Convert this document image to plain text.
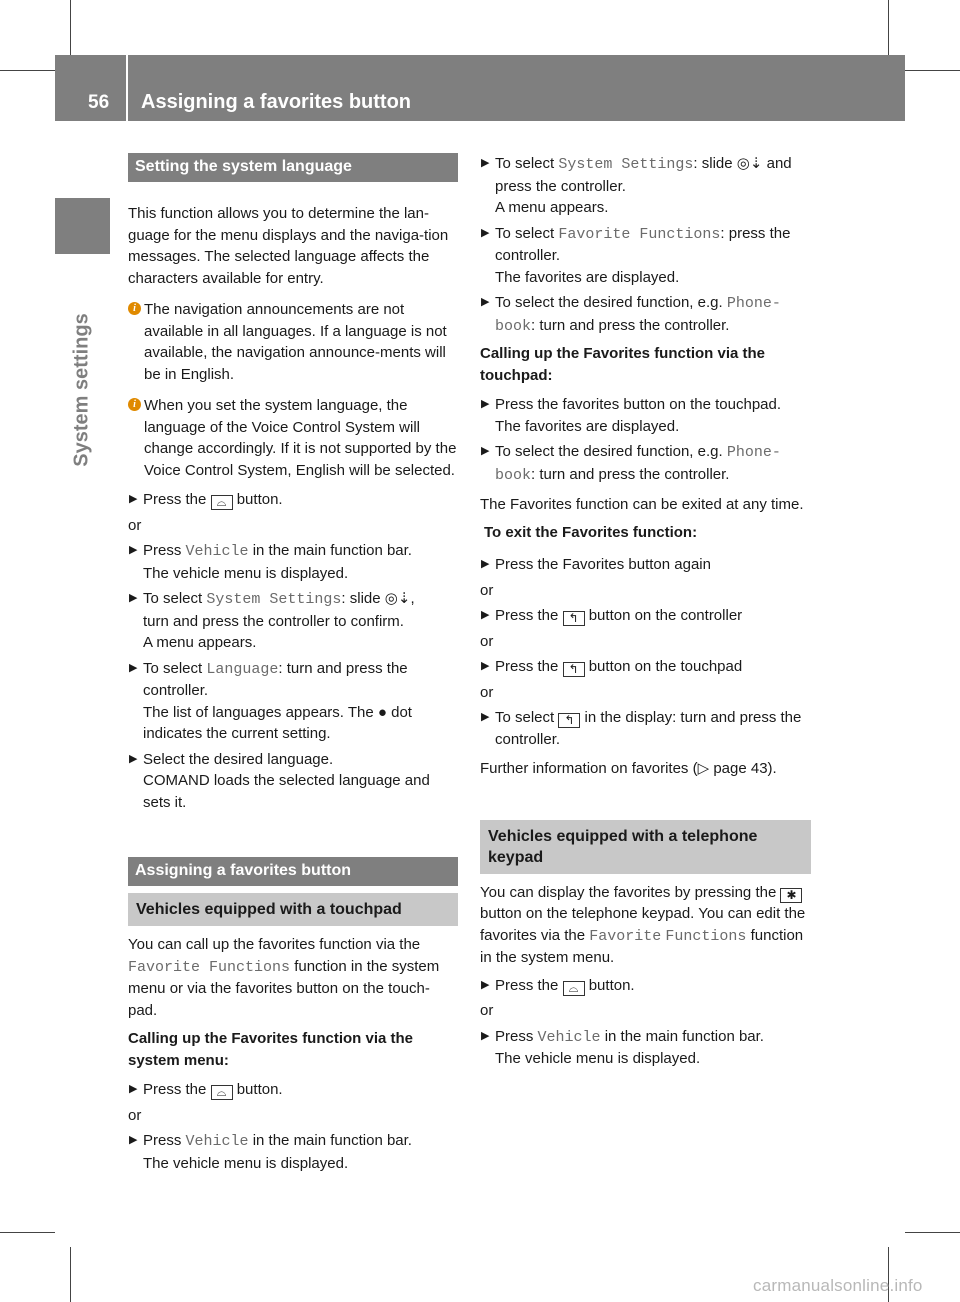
56 Assigning a favorites button
System settings
Setting the system language

This function allows you to determine the lan-guage for the menu displays and the naviga-tion messages. The selected language affects the characters available for entry.

i The navigation announcements are not available in all languages. If a language is not available, the navigation announce-ments will be in English.

i When you set the system language, the language of the Voice Control System will change accordingly. If it is not supported by the Voice Control System, English will be selected.

▶ Press the ⌓ button.

or

▶ Press Vehicle in the main function bar.
The vehicle menu is displayed.

▶ To select System Settings: slide ◎⇣,
turn and press the controller to confirm.
A menu appears.

▶ To select Language: turn and press the controller.
The list of languages appears. The ● dot indicates the current setting.

▶ Select the desired language.
COMAND loads the selected language and sets it.

Assigning a favorites button
Vehicles equipped with a touchpad

You can call up the favorites function via the Favorite Functions function in the system menu or via the favorites button on the touch-pad.

Calling up the Favorites function via the system menu:

▶ Press the ⌓ button.

or

▶ Press Vehicle in the main function bar.
The vehicle menu is displayed.

▶ To select System Settings: slide ◎⇣ and press the controller.
A menu appears.

▶ To select Favorite Functions: press the controller.
The favorites are displayed.

▶ To select the desired function, e.g. Phone-
book: turn and press the controller.

Calling up the Favorites function via the touchpad:

▶ Press the favorites button on the touchpad.
The favorites are displayed.

▶ To select the desired function, e.g. Phone-
book: turn and press the controller.

The Favorites function can be exited at any time.

To exit the Favorites function:

▶ Press the Favorites button again

or

▶ Press the ↰ button on the controller

or

▶ Press the ↰ button on the touchpad

or

▶ To select ↰ in the display: turn and press the controller.

Further information on favorites (▷ page 43).

Vehicles equipped with a telephone keypad

You can display the favorites by pressing the ✱ button on the telephone keypad. You can edit the favorites via the Favorite Functions function in the system menu.

▶ Press the ⌓ button.

or

▶ Press Vehicle in the main function bar.
The vehicle menu is displayed.

carmanualsonline.info
